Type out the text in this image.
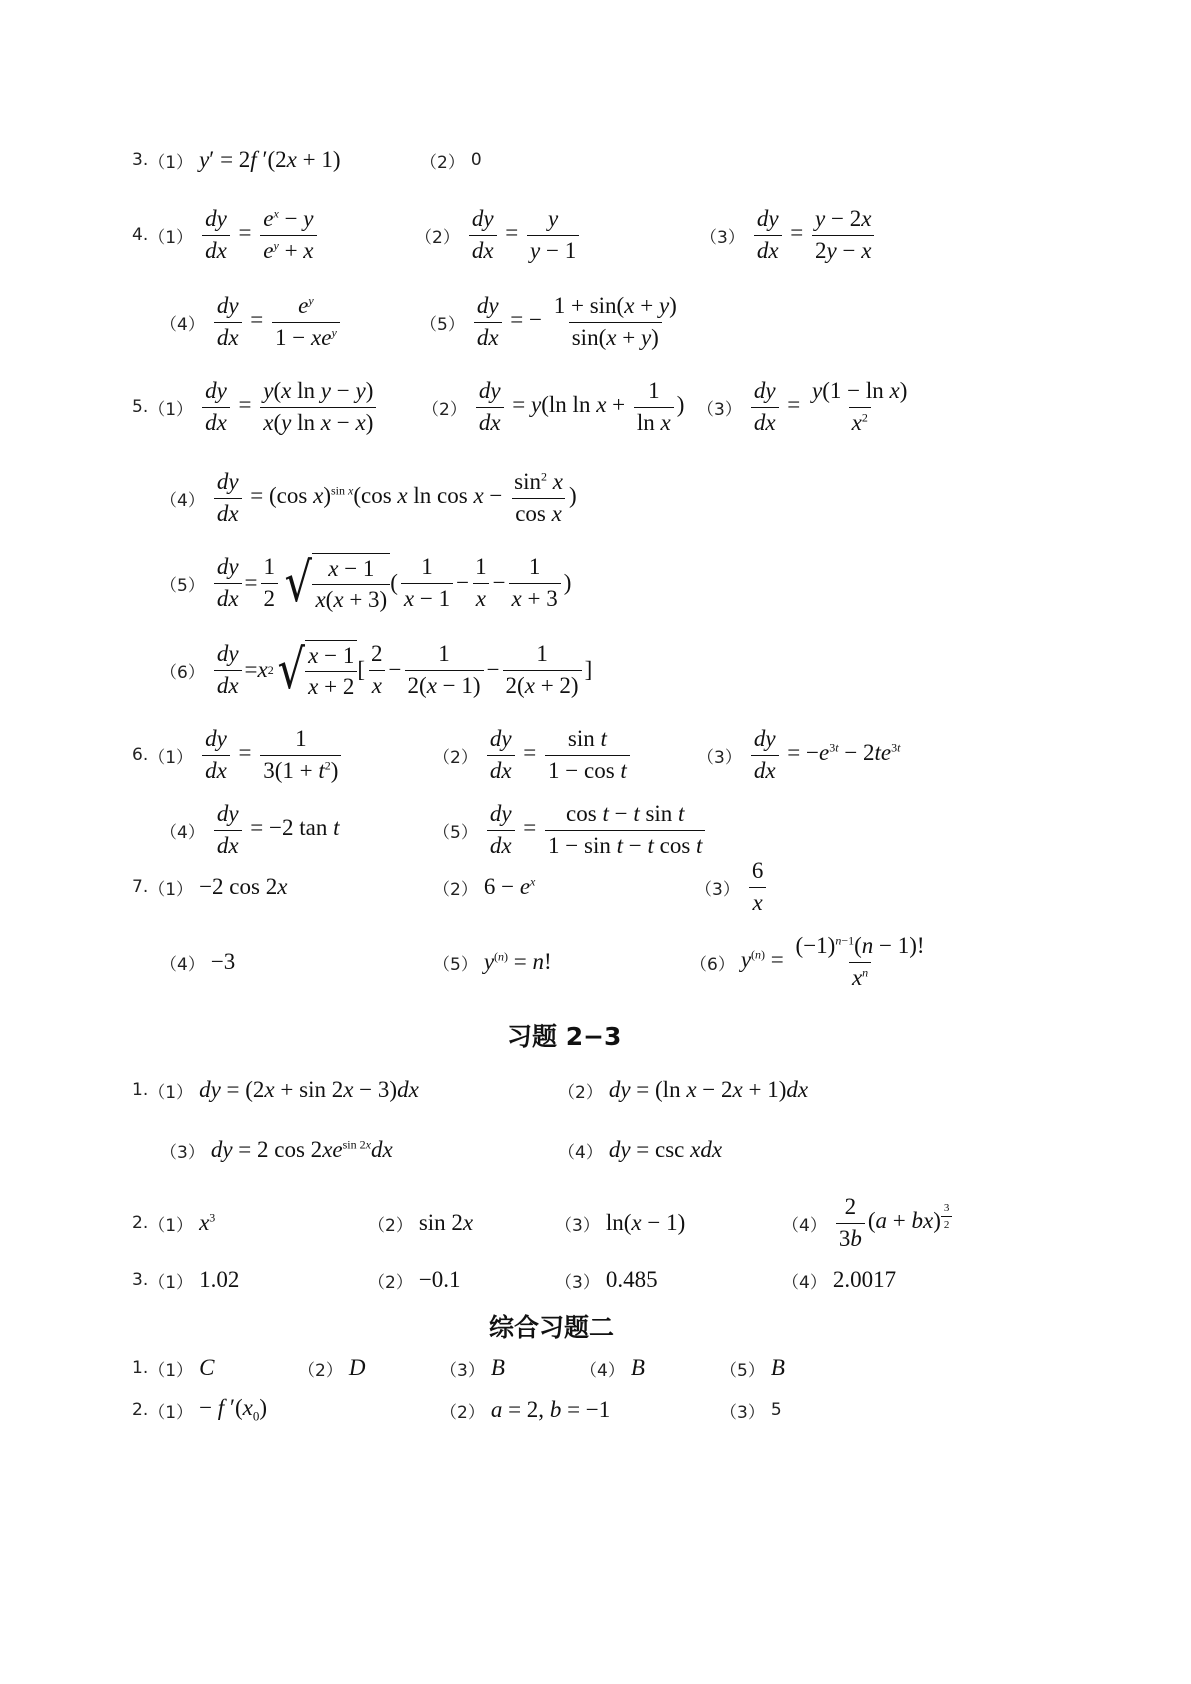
3. （1） y′ = 2f ′(2x + 1)	（2） 0
4. $(1) \frac{dy}{dx} = \frac{e^x - y}{e^y + x}$	$(2) \frac{dy}{dx} = \frac{y}{y - 1}$	$(3) \frac{dy}{dx} = \frac{y - 2x}{2y - x}$
$(4) \frac{dy}{dx} = \frac{e^y}{1 - xe^y}$	$(5) \frac{dy}{dx}$ = − $\frac{1 + \sin(x + y)}{\sin(x + y)}$
5. $(1) \frac{dy}{dx} = \frac{\text{y(x ln y − y)}}{\text{x(y ln x − x)}}$	$(2) \frac{dy}{dx} = y(\ln$ $\ln x + \frac{1}{\text{ln x}}$ ) $(3) \frac{dy}{dx} = \frac{\text{y(1 − ln x)}}{x^2}$
$(4) \frac{dy}{dx} = (\cos$ x)$^{sin x}$(cos x $\ln \cos x - \frac{\sin^2 x}{\text{cos x}}$ )
$(5) \frac{dy}{dx} = \frac{1}{2}$ √ $\frac{x - 1}{x(x + 3)}$ ( $\frac{1}{x - 1} - \frac{1}{x} - \frac{1}{x + 3}$ )
$(6) \frac{dy}{dx} = x$ 2 √ $\frac{x - 1}{x + 2}$ [ $\frac{2}{x} - \frac{1}{2(x - 1)} - \frac{1}{2(x + 2)}$ ]
6. $(1) \frac{dy}{dx} = \frac{1}{3(1 + t^2)}$	$(2) \frac{dy}{dx} = \frac{\text{sin t}}{\text{1 − cos t}}$	$(3) \frac{dy}{dx} = -e^{3t} - 2te^{3t}$
$(4) \frac{dy}{dx} = -2$ tan t	$(5) \frac{dy}{dx} = \frac{\text{cos t − t sin t}}{\text{1 − sin t − t cos t}}$
7. （1） −2 cos 2x	（2） $6 - e^x$	$(3) \frac{6}{x}$
（4） −3	（5） $y^{(n)} = n$!	（6） $y^{(n)} = \frac{(-1)^{n-1}(n - 1)!}{x^n}$
习题 2−3
1. （1） dy = (2x + sin 2x − 3)dx	（2） dy = (ln x − 2x + 1)dx
（3） dy = 2 $\cos 2xe^{sin 2x}dx$	（4） dy = csc xdx
2. （1） $x^3$	（2） sin 2x	（3） ln(x − 1)	$(4) \frac{2}{3b} (a + bx)$ $^{\frac{3}{2}}$
3. （1） 1.02	（2） −0.1	（3） 0.485	（4） 2.0017
综合习题二
1. （1） C	（2） D	（3） B	（4） B	（5） B
2. （1） − f $'(x_0)$	（2） a = 2, b = −1	（3） 5
